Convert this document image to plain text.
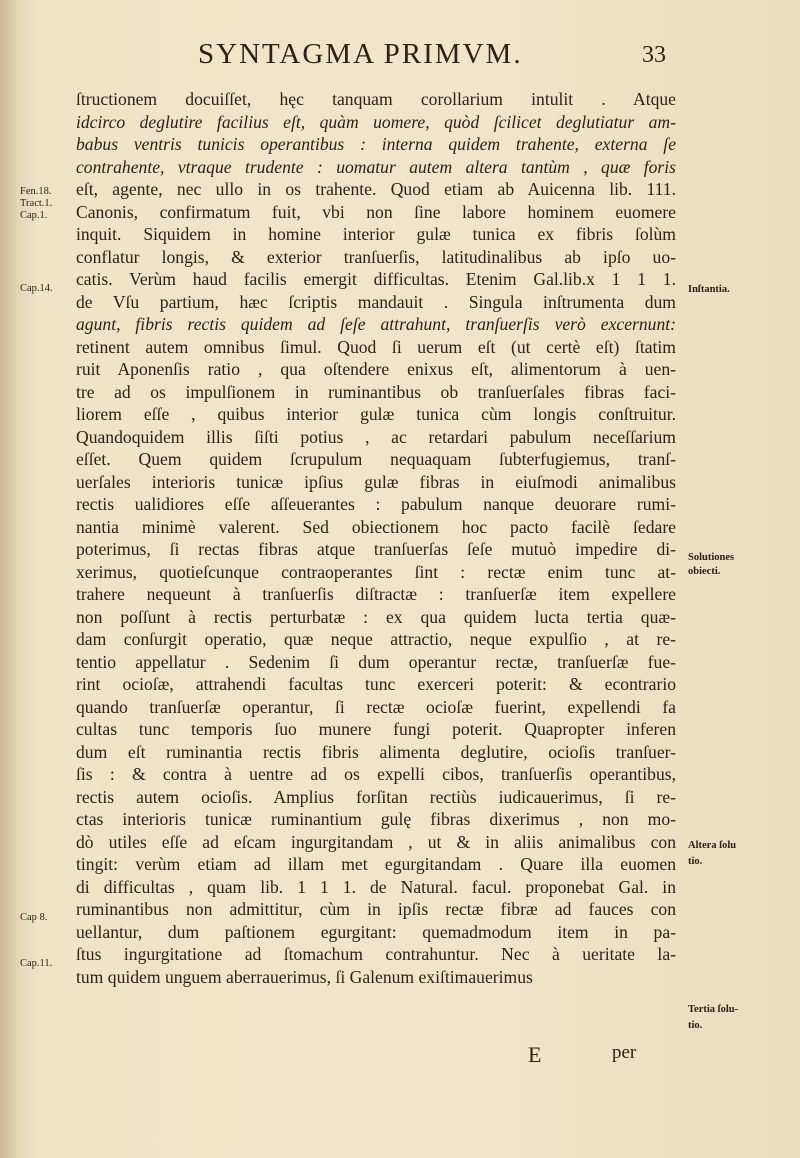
SYNTAGMA PRIMVM.	33
ſtructionem docuiſſet, hęc tanquam corollarium intulit . Atque
idcirco deglutire facilius eſt, quàm uomere, quòd ſcilicet deglutiatur am-
babus ventris tunicis operantibus : interna quidem trahente, externa ſe
contrahente, vtraque trudente : uomatur autem altera tantùm , quæ foris
eſt, agente, nec ullo in os trahente. Quod etiam ab Auicenna lib. 111.
Canonis, confirmatum fuit, vbi non ſine labore hominem euomere
inquit. Siquidem in homine interior gulæ tunica ex fibris ſolùm
conflatur longis, & exterior tranſuerſis, latitudinalibus ab ipſo uo-
catis. Verùm haud facilis emergit difficultas. Etenim Gal.lib.x 1 1 1.
de Vſu partium, hæc ſcriptis mandauit . Singula inſtrumenta dum
agunt, fibris rectis quidem ad ſeſe attrahunt, tranſuerſis verò excernunt:
retinent autem omnibus ſimul. Quod ſi uerum eſt (ut certè eſt) ſtatim
ruit Aponenſis ratio , qua oſtendere enixus eſt, alimentorum à uen-
tre ad os impulſionem in ruminantibus ob tranſuerſales fibras faci-
liorem eſſe , quibus interior gulæ tunica cùm longis conſtruitur.
Quandoquidem illis ſiſti potius , ac retardari pabulum neceſſarium
eſſet. Quem quidem ſcrupulum nequaquam ſubterfugiemus, tranſ-
uerſales interioris tunicæ ipſius gulæ fibras in eiuſmodi animalibus
rectis ualidiores eſſe aſſeuerantes : pabulum nanque deuorare rumi-
nantia minimè valerent. Sed obiectionem hoc pacto facilè ſedare
poterimus, ſi rectas fibras atque tranſuerſas ſeſe mutuò impedire di-
xerimus, quotieſcunque contraoperantes ſint : rectæ enim tunc at-
trahere nequeunt à tranſuerſis diſtractæ : tranſuerſæ item expellere
non poſſunt à rectis perturbatæ : ex qua quidem lucta tertia quæ-
dam conſurgit operatio, quæ neque attractio, neque expulſio , at re-
tentio appellatur . Sedenim ſi dum operantur rectæ, tranſuerſæ fue-
rint ocioſæ, attrahendi facultas tunc exerceri poterit: & econtrario
quando tranſuerſæ operantur, ſi rectæ ocioſæ fuerint, expellendi fa
cultas tunc temporis ſuo munere fungi poterit. Quapropter inferen
dum eſt ruminantia rectis fibris alimenta deglutire, ocioſis tranſuer-
ſis : & contra à uentre ad os expelli cibos, tranſuerſis operantibus,
rectis autem ocioſis. Amplius forſitan rectiùs iudicauerimus, ſi re-
ctas interioris tunicæ ruminantium gulę fibras dixerimus , non mo-
dò utiles eſſe ad eſcam ingurgitandam , ut & in aliis animalibus con
tingit: verùm etiam ad illam met egurgitandam . Quare illa euomen
di difficultas , quam lib. 1 1 1. de Natural. facul. proponebat Gal. in
ruminantibus non admittitur, cùm in ipſis rectæ fibræ ad fauces con
uellantur, dum paſtionem egurgitant: quemadmodum item in pa-
ſtus ingurgitatione ad ſtomachum contrahuntur. Nec à ueritate la-
tum quidem unguem aberrauerimus, ſi Galenum exiſtimauerimus
Fen.18.
Tract.1.
Cap.1.
Cap.14.
Cap 8.
Cap.11.
Inſtantia.
Solutiones
obiecti.
Altera ſolu
tio.
Tertia ſolu-
tio.
E	per
